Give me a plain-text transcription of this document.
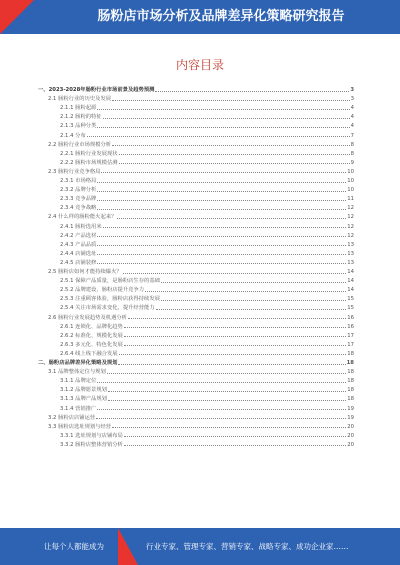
肠粉店市场分析及品牌差异化策略研究报告
内容目录
一、2023-2028年肠粉行业市场前景及趋势预测	3
2.1 肠粉行业的历史及发展	3
2.1.1 肠粉起源	4
2.1.2 肠粉的特征	4
2.1.3 品种分类	4
2.1.4 分布	7
2.2 肠粉行业市场规模分析	8
2.2.1 肠粉行业发展现状	8
2.2.2 肠粉市场规模估测	9
2.3 肠粉行业竞争格局	10
2.3.1 市场格局	10
2.3.2 品牌分析	10
2.3.3 竞争品牌	11
2.3.4 竞争战略	12
2.4 什么样的肠粉能火起来？	12
2.4.1 肠粉选用米	12
2.4.2 产品选材	12
2.4.3 产品品质	13
2.4.4 店铺选址	13
2.4.5 店铺装修	13
2.5 肠粉店如何才能持续爆火？	14
2.5.1 保障产品质量，是肠粉店生存的基础	14
2.5.2 品牌建设，肠粉店提升竞争力	14
2.5.3 注重顾客体验，肠粉店获得持续发展	15
2.5.4 关注市场需求变化，提升经营能力	15
2.6 肠粉行业发展趋势及机遇分析	16
2.6.1 连锁化、品牌化趋势	16
2.6.2 标准化、规模化发展	17
2.6.3 多元化、特色化发展	17
2.6.4 线上线下融合发展	18
二、肠粉店品牌差异化策略及规划	18
3.1 品牌整体定位与规划	18
3.1.1 品牌定位	18
3.1.2 品牌愿景规划	18
3.1.3 品牌产品规划	18
3.1.4 营销推广	19
3.2 肠粉店店铺运营	19
3.3 肠粉店选址规划与经营	20
3.3.1 选址规划与店铺布局	20
3.3.2 肠粉店整体营销分析	20
让每个人都能成为	行业专家、管理专家、营销专家、战略专家、成功企业家……
